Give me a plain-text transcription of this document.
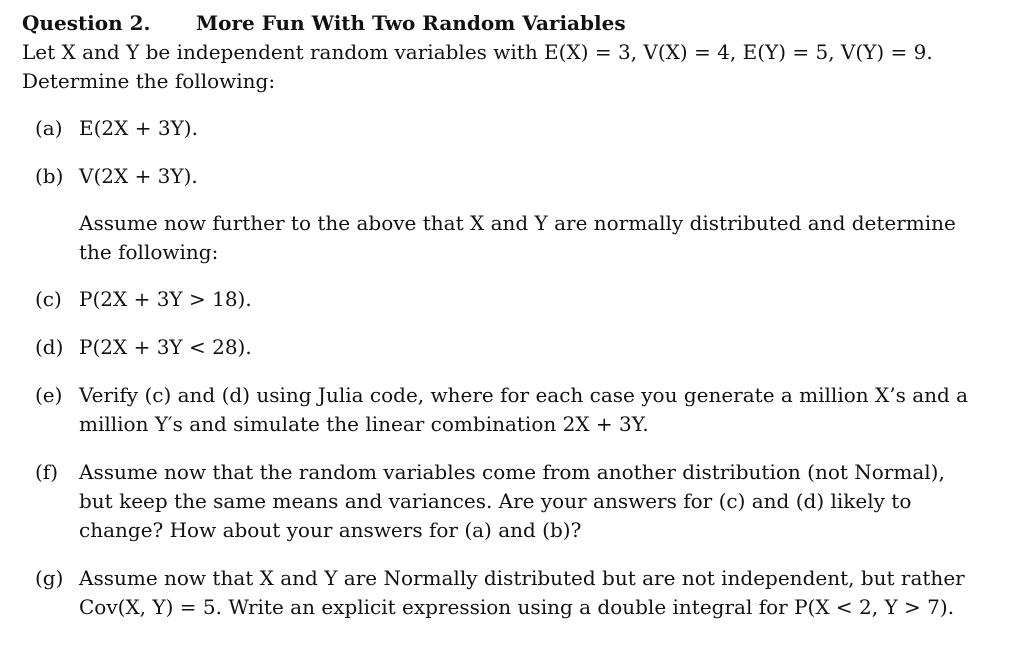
Question 2. More Fun With Two Random Variables

Let X and Y be independent random variables with E(X) = 3, V(X) = 4, E(Y) = 5, V(Y) = 9.

Determine the following:

(a) E(2X + 3Y).
(b) V(2X + 3Y).
Assume now further to the above that X and Y are normally distributed and determine the following:
(c) P(2X + 3Y > 18).
(d) P(2X + 3Y < 28).
(e) Verify (c) and (d) using Julia code, where for each case you generate a million X’s and a million Y′s and simulate the linear combination 2X + 3Y.
(f) Assume now that the random variables come from another distribution (not Normal), but keep the same means and variances. Are your answers for (c) and (d) likely to change? How about your answers for (a) and (b)?
(g) Assume now that X and Y are Normally distributed but are not independent, but rather Cov(X, Y) = 5. Write an explicit expression using a double integral for P(X < 2, Y > 7).
